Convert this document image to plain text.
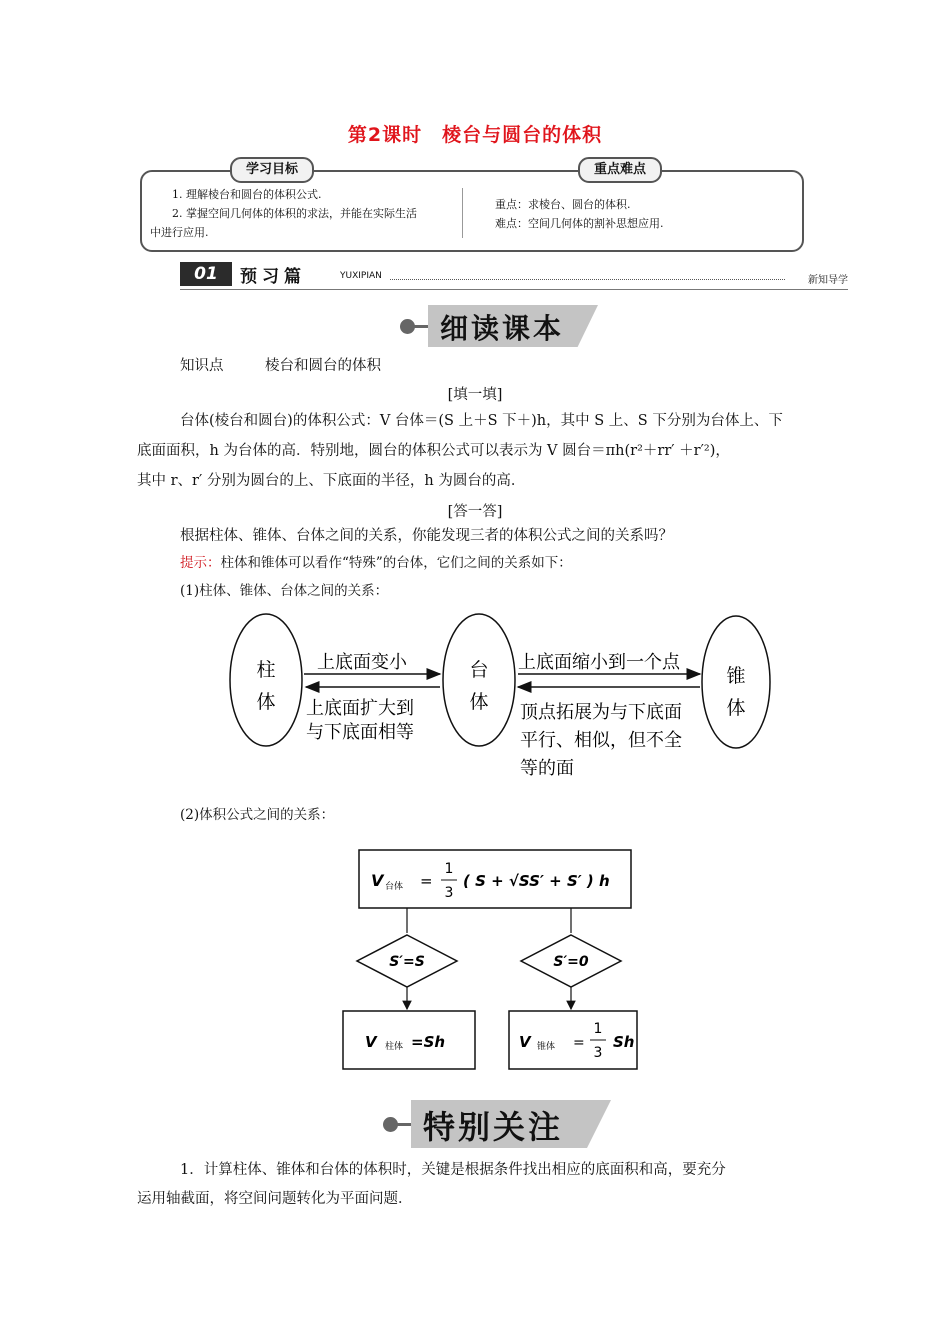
第2课时　棱台与圆台的体积
学习目标	重点难点
1. 理解棱台和圆台的体积公式.
2. 掌握空间几何体的体积的求法，并能在实际生活
中进行应用.
重点：求棱台、圆台的体积.
难点：空间几何体的割补思想应用.
01	预习篇	YUXIPIAN	新知导学
细读课本
知识点	棱台和圆台的体积
[填一填]
台体(棱台和圆台)的体积公式：V 台体＝(S 上＋S 下＋)h，其中 S 上、S 下分别为台体上、下
底面面积，h 为台体的高．特别地，圆台的体积公式可以表示为 V 圆台＝πh(r²＋rr′ ＋r′²)，
其中 r、r′ 分别为圆台的上、下底面的半径，h 为圆台的高．
[答一答]
根据柱体、锥体、台体之间的关系，你能发现三者的体积公式之间的关系吗？
提示：柱体和锥体可以看作“特殊”的台体，它们之间的关系如下：
(1)柱体、锥体、台体之间的关系：
柱
体
台
体
锥
体
上底面变小
上底面扩大到
与下底面相等
上底面缩小到一个点
顶点拓展为与下底面
平行、相似，但不全
等的面
(2)体积公式之间的关系：
V 台体 =
1
3
( S + √SS′ + S′ ) h
S′=S	S′=0
V 柱体 =Sh	V 锥体 =
1
3
Sh
特别关注
1．计算柱体、锥体和台体的体积时，关键是根据条件找出相应的底面积和高，要充分
运用轴截面，将空间问题转化为平面问题．
